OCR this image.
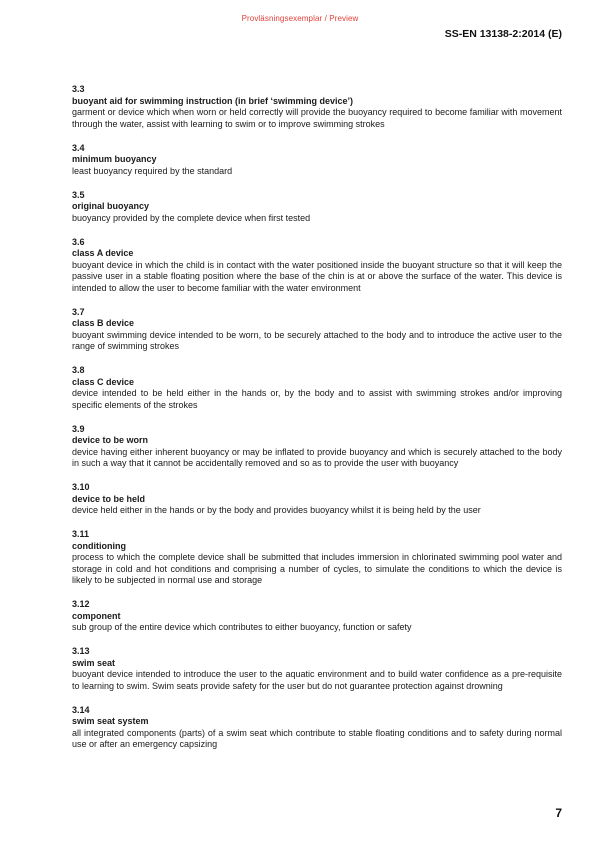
Provläsningsexemplar / Preview
SS-EN 13138-2:2014 (E)
3.3
buoyant aid for swimming instruction (in brief ‘swimming device’)
garment or device which when worn or held correctly will provide the buoyancy required to become familiar with movement through the water, assist with learning to swim or to improve swimming strokes
3.4
minimum buoyancy
least buoyancy required by the standard
3.5
original buoyancy
buoyancy provided by the complete device when first tested
3.6
class A device
buoyant device in which the child is in contact with the water positioned inside the buoyant structure so that it will keep the passive user in a stable floating position where the base of the chin is at or above the surface of the water. This device is intended to allow the user to become familiar with the water environment
3.7
class B device
buoyant swimming device intended to be worn, to be securely attached to the body and to introduce the active user to the range of swimming strokes
3.8
class C device
device intended to be held either in the hands or, by the body and to assist with swimming strokes and/or improving specific elements of the strokes
3.9
device to be worn
device having either inherent buoyancy or may be inflated to provide buoyancy and which is securely attached to the body in such a way that it cannot be accidentally removed and so as to provide the user with buoyancy
3.10
device to be held
device held either in the hands or by the body and provides buoyancy whilst it is being held by the user
3.11
conditioning
process to which the complete device shall be submitted that includes immersion in chlorinated swimming pool water and storage in cold and hot conditions and comprising a number of cycles, to simulate the conditions to which the device is likely to be subjected in normal use and storage
3.12
component
sub group of the entire device which contributes to either buoyancy, function or safety
3.13
swim seat
buoyant device intended to introduce the user to the aquatic environment and to build water confidence as a pre-requisite to learning to swim. Swim seats provide safety for the user but do not guarantee protection against drowning
3.14
swim seat system
all integrated components (parts) of a swim seat which contribute to stable floating conditions and to safety during normal use or after an emergency capsizing
7
